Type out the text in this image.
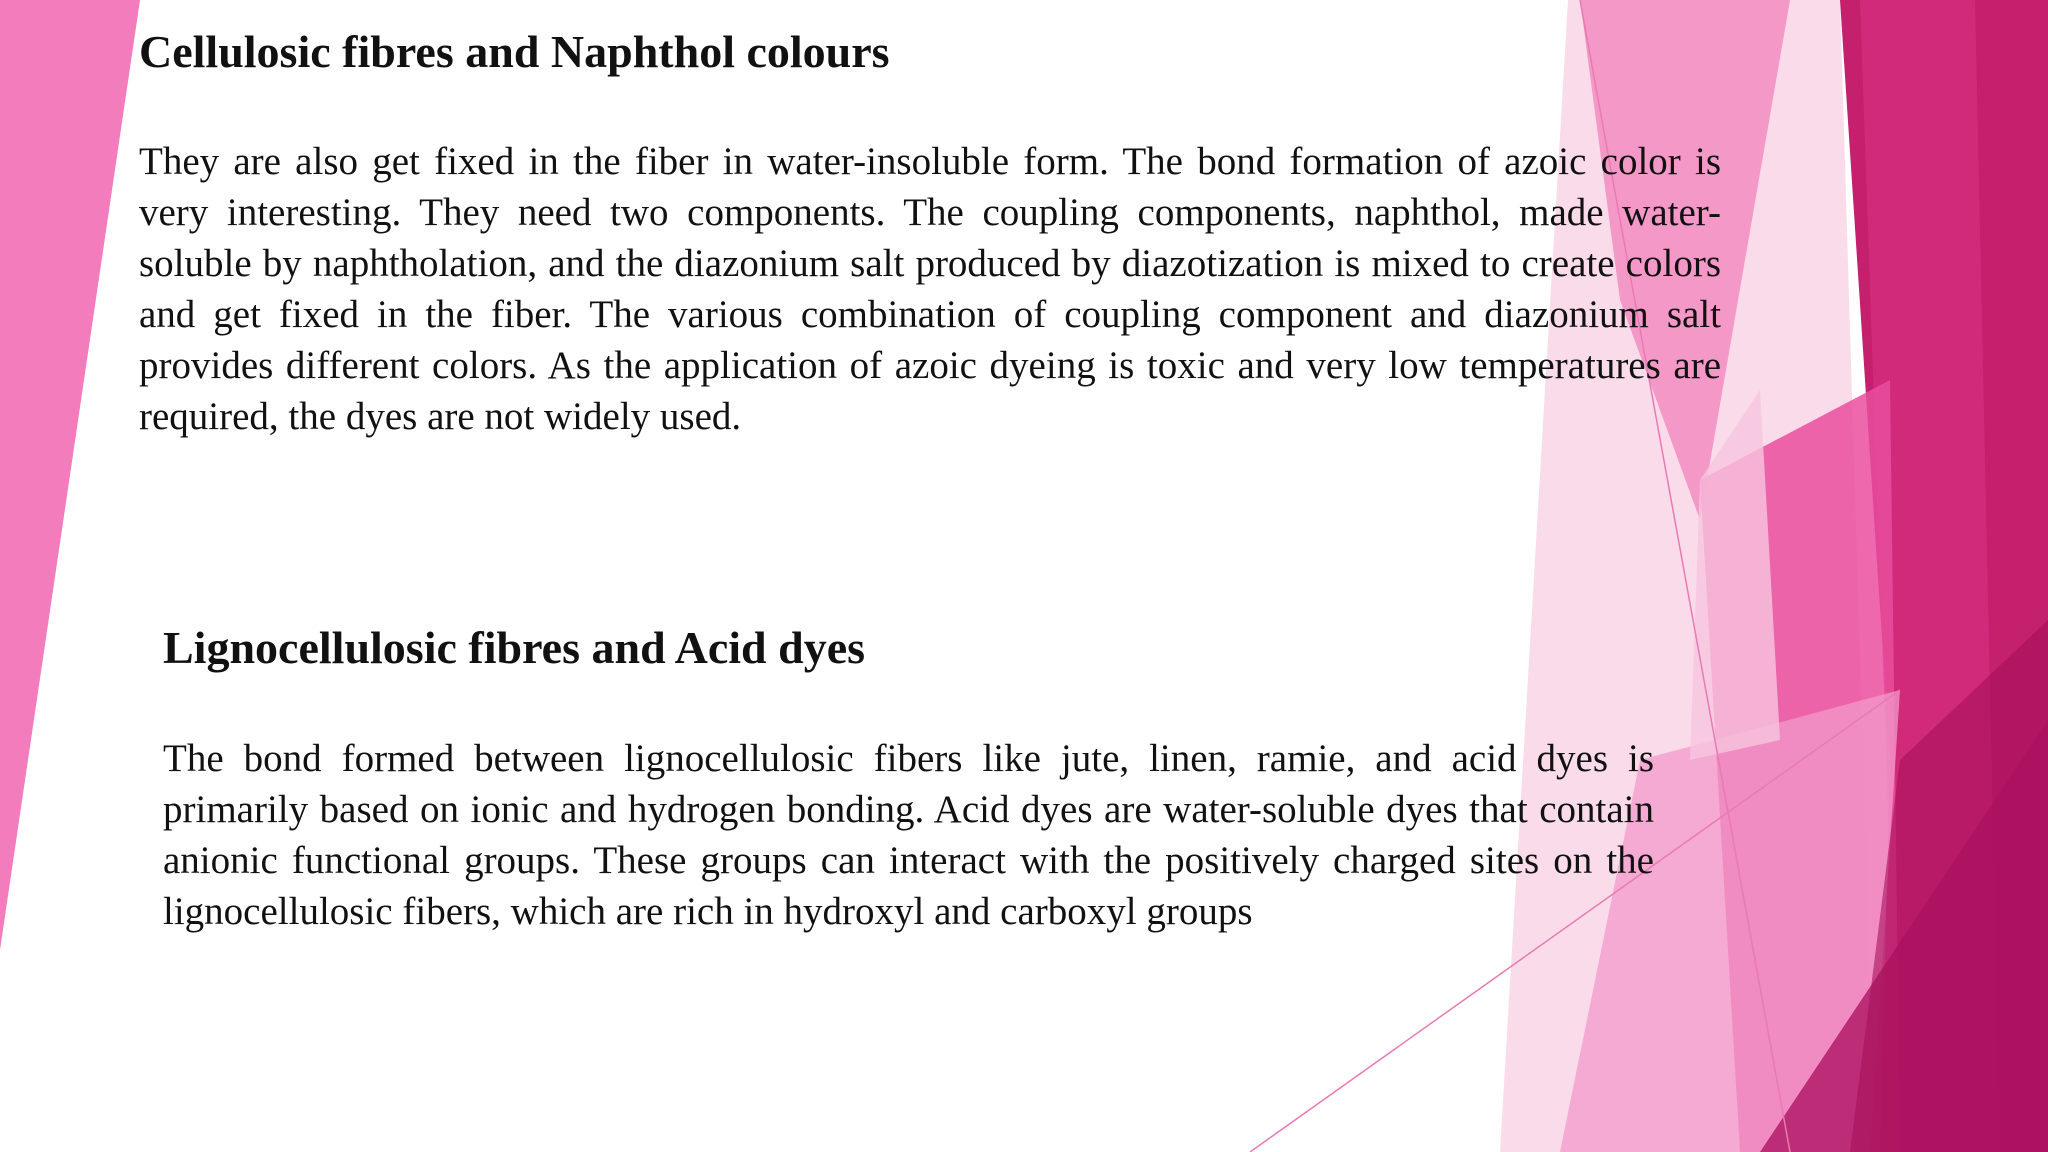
Cellulosic fibres and Naphthol colours

They are also get fixed in the fiber in water-insoluble form. The bond formation of azoic color is very interesting. They need two components. The coupling components, naphthol, made water- soluble by naphtholation, and the diazonium salt produced by diazotization is mixed to create colors and get fixed in the fiber. The various combination of coupling component and diazonium salt provides different colors. As the application of azoic dyeing is toxic and very low temperatures are required, the dyes are not widely used.

Lignocellulosic fibres and Acid dyes

The bond formed between lignocellulosic fibers like jute, linen, ramie, and acid dyes is primarily based on ionic and hydrogen bonding. Acid dyes are water-soluble dyes that contain anionic functional groups. These groups can interact with the positively charged sites on the lignocellulosic fibers, which are rich in hydroxyl and carboxyl groups
